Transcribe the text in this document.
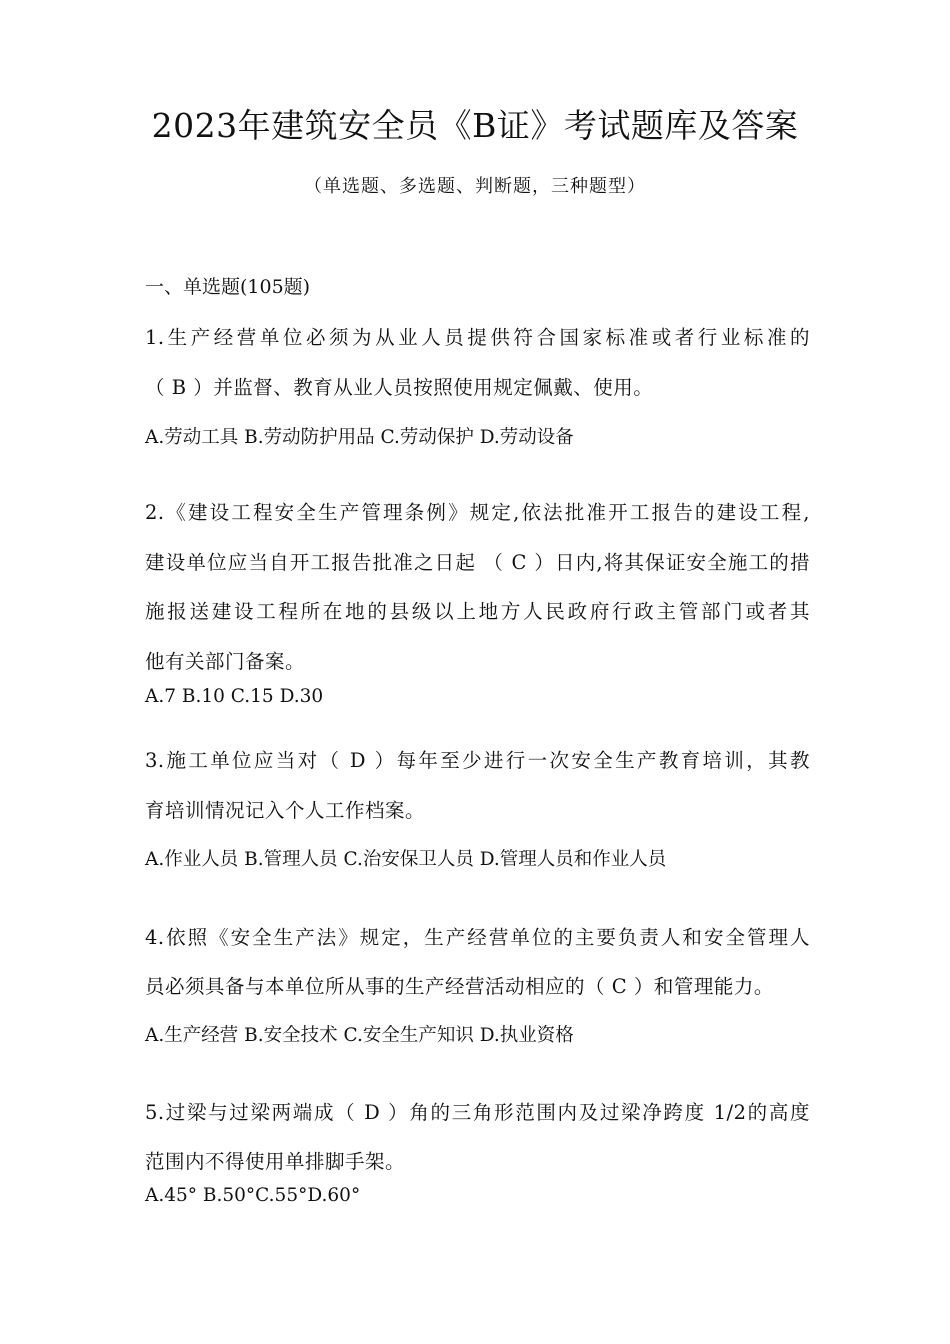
2023年建筑安全员《B证》考试题库及答案
（单选题、多选题、判断题，三种题型）
一、单选题(105题)
1.生产经营单位必须为从业人员提供符合国家标准或者行业标准的
（ B ）并监督、教育从业人员按照使用规定佩戴、使用。
A.劳动工具 B.劳动防护用品 C.劳动保护 D.劳动设备
2.《建设工程安全生产管理条例》规定,依法批准开工报告的建设工程,
建设单位应当自开工报告批准之日起 （ C ）日内,将其保证安全施工的措
施报送建设工程所在地的县级以上地方人民政府行政主管部门或者其
他有关部门备案。
A.7 B.10 C.15 D.30
3.施工单位应当对（ D ）每年至少进行一次安全生产教育培训，其教
育培训情况记入个人工作档案。
A.作业人员 B.管理人员 C.治安保卫人员 D.管理人员和作业人员
4.依照《安全生产法》规定，生产经营单位的主要负责人和安全管理人
员必须具备与本单位所从事的生产经营活动相应的（ C ）和管理能力。
A.生产经营 B.安全技术 C.安全生产知识 D.执业资格
5.过梁与过梁两端成（ D ）角的三角形范围内及过梁净跨度 1/2的高度
范围内不得使用单排脚手架。
A.45° B.50°C.55°D.60°
